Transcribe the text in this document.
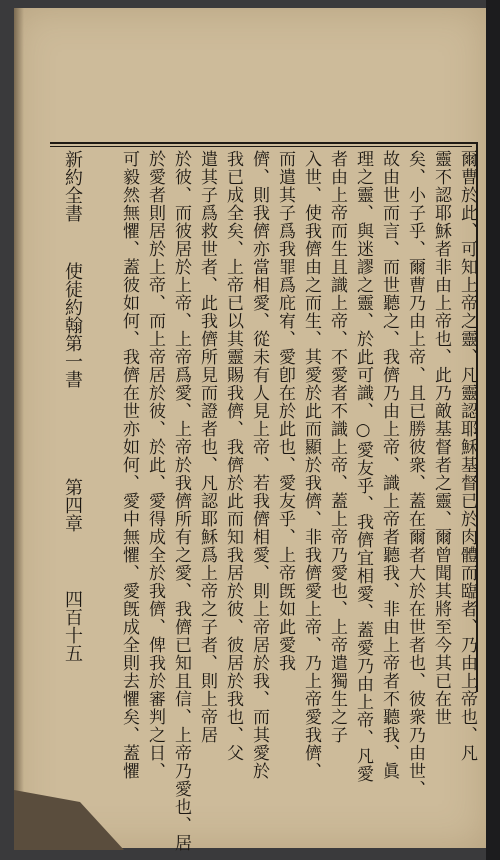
爾曹於此、可知上帝之靈、凡靈認耶穌基督已於肉體而臨者、乃由上帝也、凡
靈不認耶穌者非由上帝也、此乃敵基督者之靈、爾曾聞其將至今其已在世
矣、小子乎、爾曹乃由上帝、且已勝彼衆、蓋在爾者大於在世者也、彼衆乃由世、
故由世而言、而世聽之、我儕乃由上帝、識上帝者聽我、非由上帝者不聽我、眞
理之靈、與迷謬之靈、於此可識、○愛友乎、我儕宜相愛、蓋愛乃由上帝、凡愛
者由上帝而生且識上帝、不愛者不識上帝、蓋上帝乃愛也、上帝遣獨生之子
入世、使我儕由之而生、其愛於此而顯於我儕、非我儕愛上帝、乃上帝愛我儕、
而遣其子爲我罪爲庇宥、愛卽在於此也、愛友乎、上帝旣如此愛我
儕、則我儕亦當相愛、從未有人見上帝、若我儕相愛、則上帝居於我、而其愛於
我已成全矣、上帝已以其靈賜我儕、我儕於此而知我居於彼、彼居於我也、父
遣其子爲救世者、此我儕所見而證者也、凡認耶穌爲上帝之子者、則上帝居
於彼、而彼居於上帝、上帝爲愛、上帝於我儕所有之愛、我儕已知且信、上帝乃愛也、居
於愛者則居於上帝、而上帝居於彼、於此、愛得成全於我儕、俾我於審判之日、
可毅然無懼、蓋彼如何、我儕在世亦如何、愛中無懼、愛旣成全則去懼矣、蓋懼
新約全書
使徒約翰第一書
第四章
四百十五
